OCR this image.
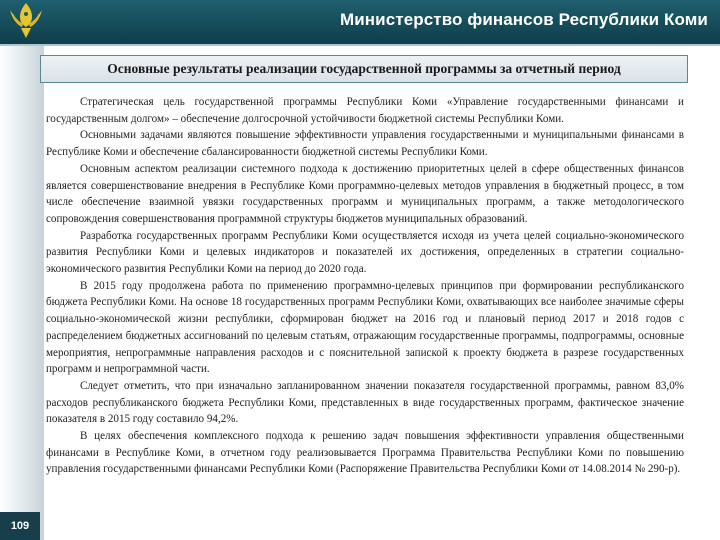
Министерство финансов Республики Коми
109
Основные результаты реализации государственной программы за отчетный период

Стратегическая цель государственной программы Республики Коми «Управление государственными финансами и государственным долгом» – обеспечение долгосрочной устойчивости бюджетной системы Республики Коми.

Основными задачами являются повышение эффективности управления государственными и муниципальными финансами в Республике Коми и обеспечение сбалансированности бюджетной системы Республики Коми.

Основным аспектом реализации системного подхода к достижению приоритетных целей в сфере общественных финансов является совершенствование внедрения в Республике Коми программно-целевых методов управления в бюджетный процесс, в том числе обеспечение взаимной увязки государственных программ и муниципальных программ, а также методологического сопровождения совершенствования программной структуры бюджетов муниципальных образований.

Разработка государственных программ Республики Коми осуществляется исходя из учета целей социально-экономического развития Республики Коми и целевых индикаторов и показателей их достижения, определенных в стратегии социально-экономического развития Республики Коми на период до 2020 года.

В 2015 году продолжена работа по применению программно-целевых принципов при формировании республиканского бюджета Республики Коми. На основе 18 государственных программ Республики Коми, охватывающих все наиболее значимые сферы социально-экономической жизни республики, сформирован бюджет на 2016 год и плановый период 2017 и 2018 годов с распределением бюджетных ассигнований по целевым статьям, отражающим государственные программы, подпрограммы, основные мероприятия, непрограммные направления расходов и с пояснительной запиской к проекту бюджета в разрезе государственных программ и непрограммной части.

Следует отметить, что при изначально запланированном значении показателя государственной программы, равном 83,0% расходов республиканского бюджета Республики Коми, представленных в виде государственных программ, фактическое значение показателя в 2015 году составило 94,2%.

В целях обеспечения комплексного подхода к решению задач повышения эффективности управления общественными финансами в Республике Коми, в отчетном году реализовывается Программа Правительства Республики Коми по повышению управления государственными финансами Республики Коми (Распоряжение Правительства Республики Коми от 14.08.2014 № 290-р).
